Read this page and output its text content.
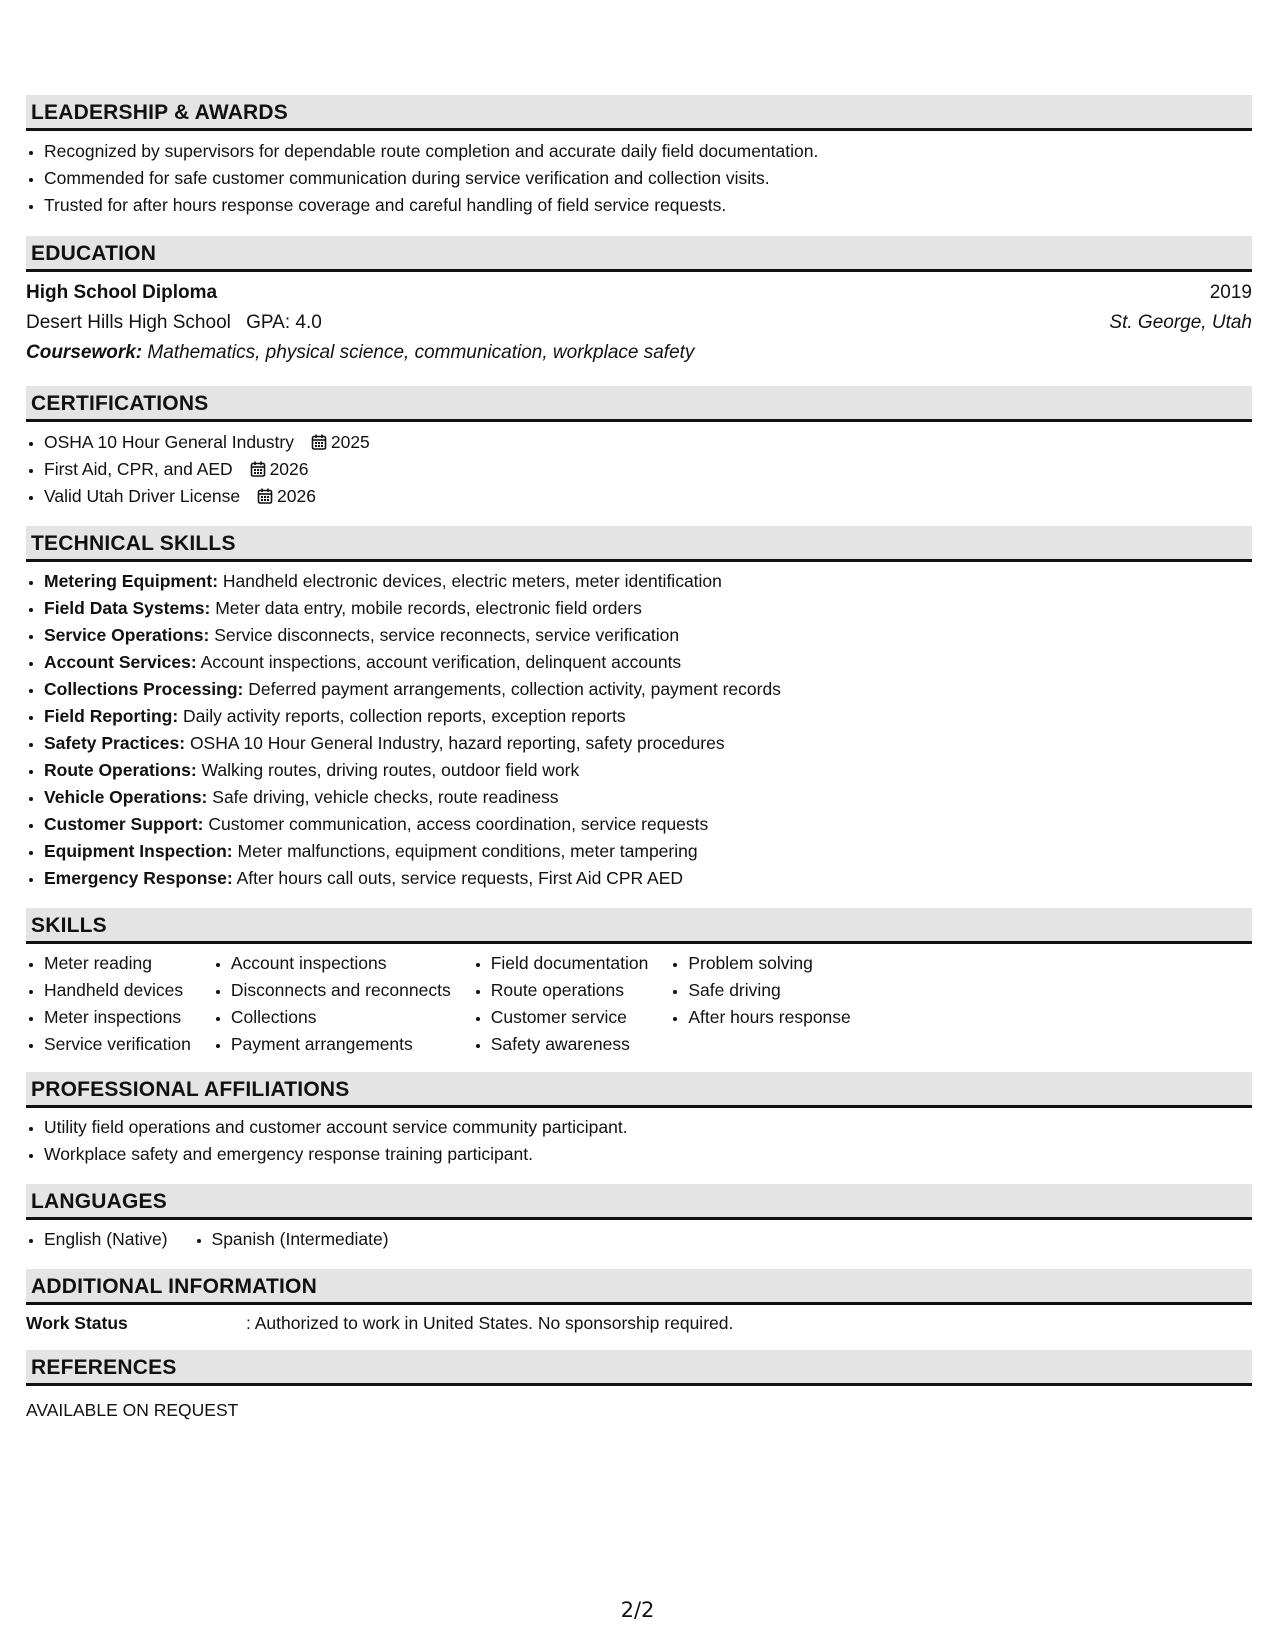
LEADERSHIP & AWARDS
• Recognized by supervisors for dependable route completion and accurate daily field documentation.
• Commended for safe customer communication during service verification and collection visits.
• Trusted for after hours response coverage and careful handling of field service requests.
EDUCATION
High School Diploma	2019
Desert Hills High School GPA: 4.0	St. George, Utah
Coursework: Mathematics, physical science, communication, workplace safety
CERTIFICATIONS
• OSHA 10 Hour General Industry 2025
• First Aid, CPR, and AED 2026
• Valid Utah Driver License 2026
TECHNICAL SKILLS
• Metering Equipment: Handheld electronic devices, electric meters, meter identification
• Field Data Systems: Meter data entry, mobile records, electronic field orders
• Service Operations: Service disconnects, service reconnects, service verification
• Account Services: Account inspections, account verification, delinquent accounts
• Collections Processing: Deferred payment arrangements, collection activity, payment records
• Field Reporting: Daily activity reports, collection reports, exception reports
• Safety Practices: OSHA 10 Hour General Industry, hazard reporting, safety procedures
• Route Operations: Walking routes, driving routes, outdoor field work
• Vehicle Operations: Safe driving, vehicle checks, route readiness
• Customer Support: Customer communication, access coordination, service requests
• Equipment Inspection: Meter malfunctions, equipment conditions, meter tampering
• Emergency Response: After hours call outs, service requests, First Aid CPR AED
SKILLS
• Meter reading
• Handheld devices
• Meter inspections
• Service verification
• Account inspections
• Disconnects and reconnects
• Collections
• Payment arrangements
• Field documentation
• Route operations
• Customer service
• Safety awareness
• Problem solving
• Safe driving
• After hours response
PROFESSIONAL AFFILIATIONS
• Utility field operations and customer account service community participant.
• Workplace safety and emergency response training participant.
LANGUAGES
• English (Native)
•	Spanish (Intermediate)
ADDITIONAL INFORMATION
Work Status	: Authorized to work in United States. No sponsorship required.
REFERENCES
AVAILABLE ON REQUEST
2/2
